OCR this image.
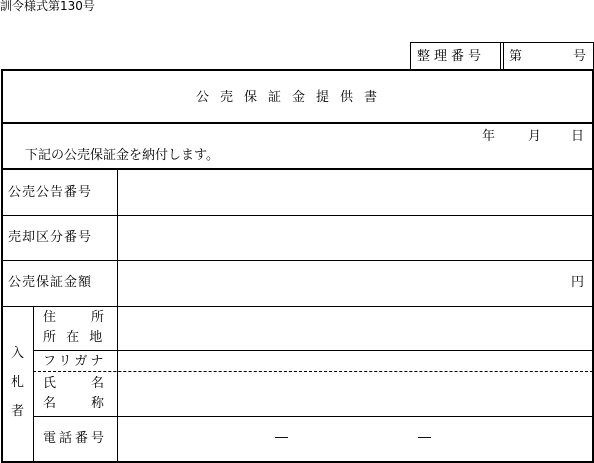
訓令様式第130号
整理番号 第	号
公売保証金提供書
年	月 日
下記の公売保証金を納付します。
公売公告番号
売却区分番号
公売保証金額	円
入
札
者
住　　所
所 在 地
フリガナ
氏　　名
名　　称
電話番号	―	―
